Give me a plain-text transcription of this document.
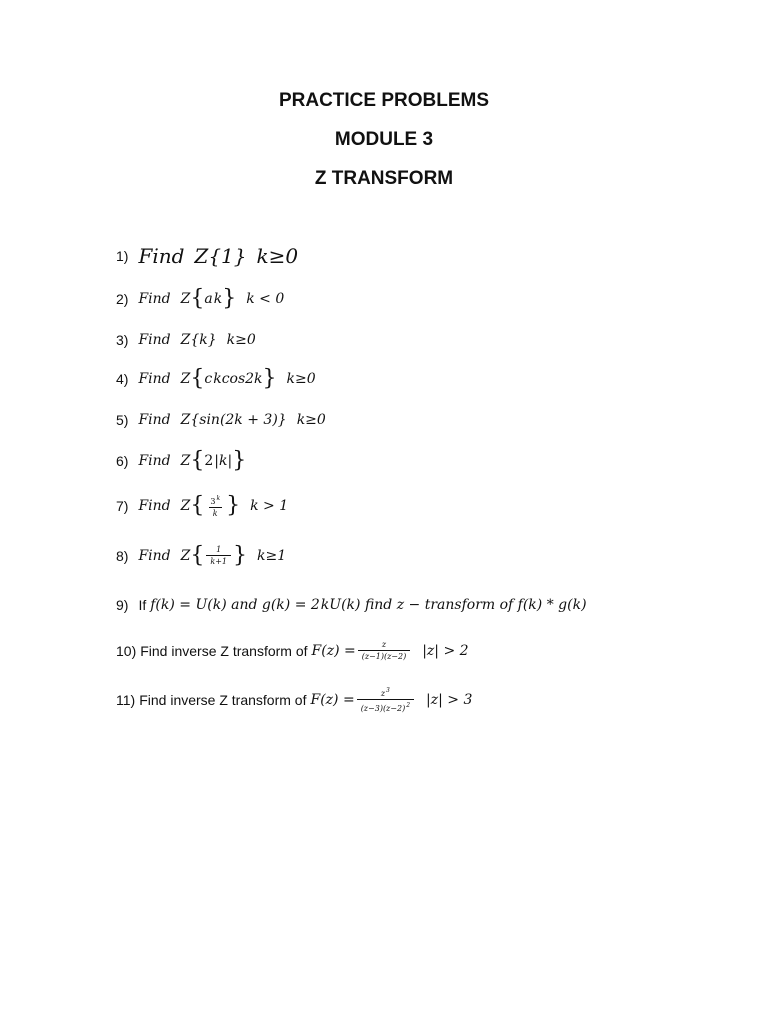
PRACTICE PROBLEMS
MODULE 3
Z TRANSFORM
1) Find Z{1} k≥0
2) Find Z { a k } k < 0
3) Find Z{k} k≥0
4) Find Z { c k cos2k } k≥0
5) Find Z{sin(2k + 3)} k≥0
6) Find Z { 2 |k| }
7) Find Z { $\frac{3^k}{k}$ } k > 1
8) Find Z { $\frac{1}{k+1}$ } k≥1
9) If f(k) = U(k) and g(k) = 2 k U(k) find z − transform of f(k) * g(k)
10) Find inverse Z transform of $F(z) = \frac{z}{(z-1)(z-2)} |z| > 2$
11) Find inverse Z transform of $F(z) = \frac{z^3}{(z-3)(z-2)^2} |z| > 3$
